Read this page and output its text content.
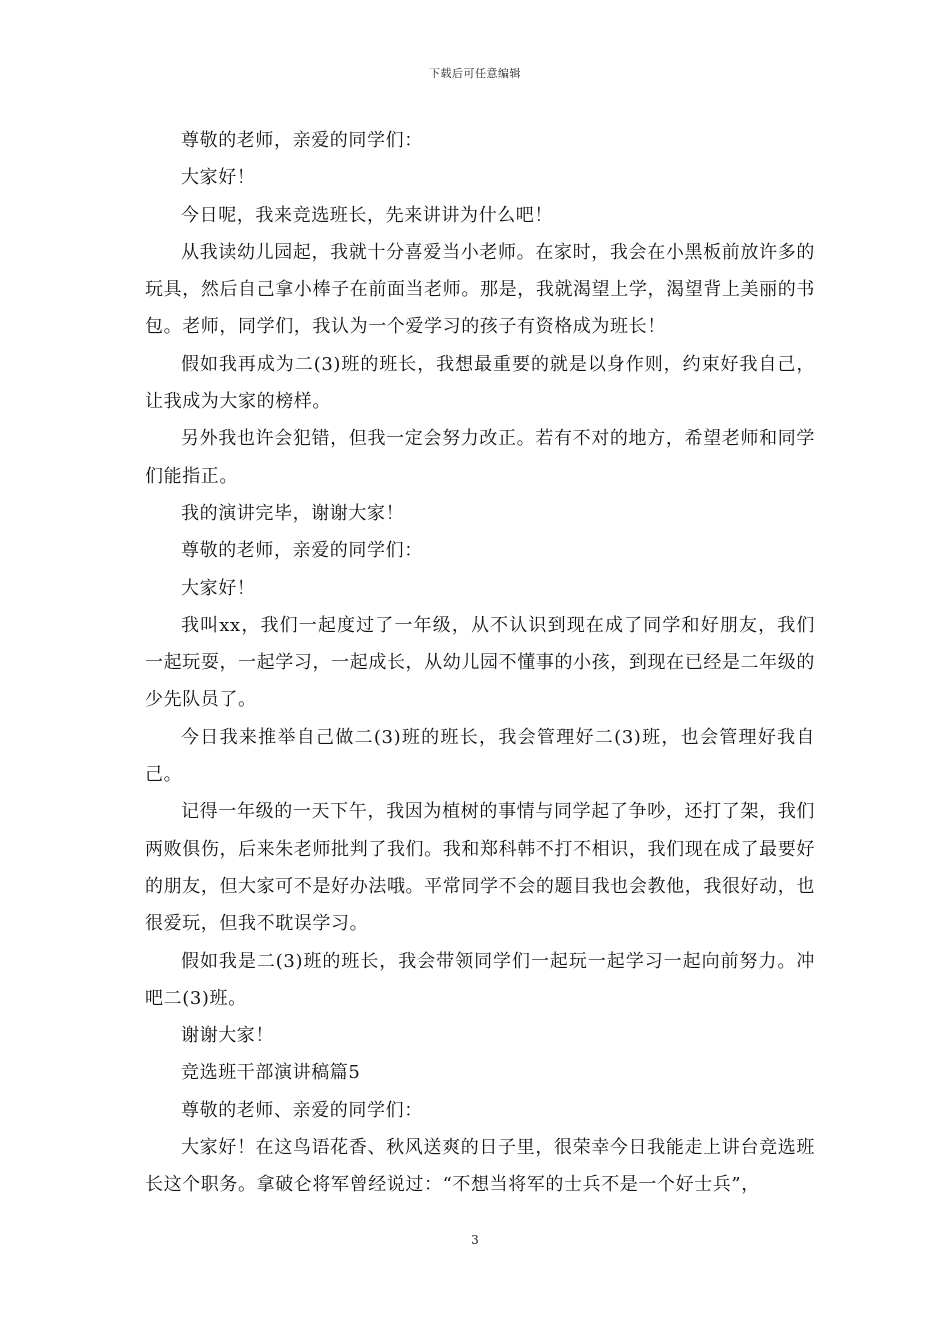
下载后可任意编辑

尊敬的老师，亲爱的同学们：

大家好！

今日呢，我来竞选班长，先来讲讲为什么吧！

从我读幼儿园起，我就十分喜爱当小老师。在家时，我会在小黑板前放许多的玩具，然后自己拿小棒子在前面当老师。那是，我就渴望上学，渴望背上美丽的书包。老师，同学们，我认为一个爱学习的孩子有资格成为班长！

假如我再成为二(3)班的班长，我想最重要的就是以身作则，约束好我自己，让我成为大家的榜样。

另外我也许会犯错，但我一定会努力改正。若有不对的地方，希望老师和同学们能指正。

我的演讲完毕，谢谢大家！

尊敬的老师，亲爱的同学们：

大家好！

我叫xx，我们一起度过了一年级，从不认识到现在成了同学和好朋友，我们一起玩耍，一起学习，一起成长，从幼儿园不懂事的小孩，到现在已经是二年级的少先队员了。

今日我来推举自己做二(3)班的班长，我会管理好二(3)班，也会管理好我自己。

记得一年级的一天下午，我因为植树的事情与同学起了争吵，还打了架，我们两败俱伤，后来朱老师批判了我们。我和郑科韩不打不相识，我们现在成了最要好的朋友，但大家可不是好办法哦。平常同学不会的题目我也会教他，我很好动，也很爱玩，但我不耽误学习。

假如我是二(3)班的班长，我会带领同学们一起玩一起学习一起向前努力。冲吧二(3)班。

谢谢大家！

竞选班干部演讲稿篇5

尊敬的老师、亲爱的同学们：

大家好！在这鸟语花香、秋风送爽的日子里，很荣幸今日我能走上讲台竞选班长这个职务。拿破仑将军曾经说过：“不想当将军的士兵不是一个好士兵”，

3
